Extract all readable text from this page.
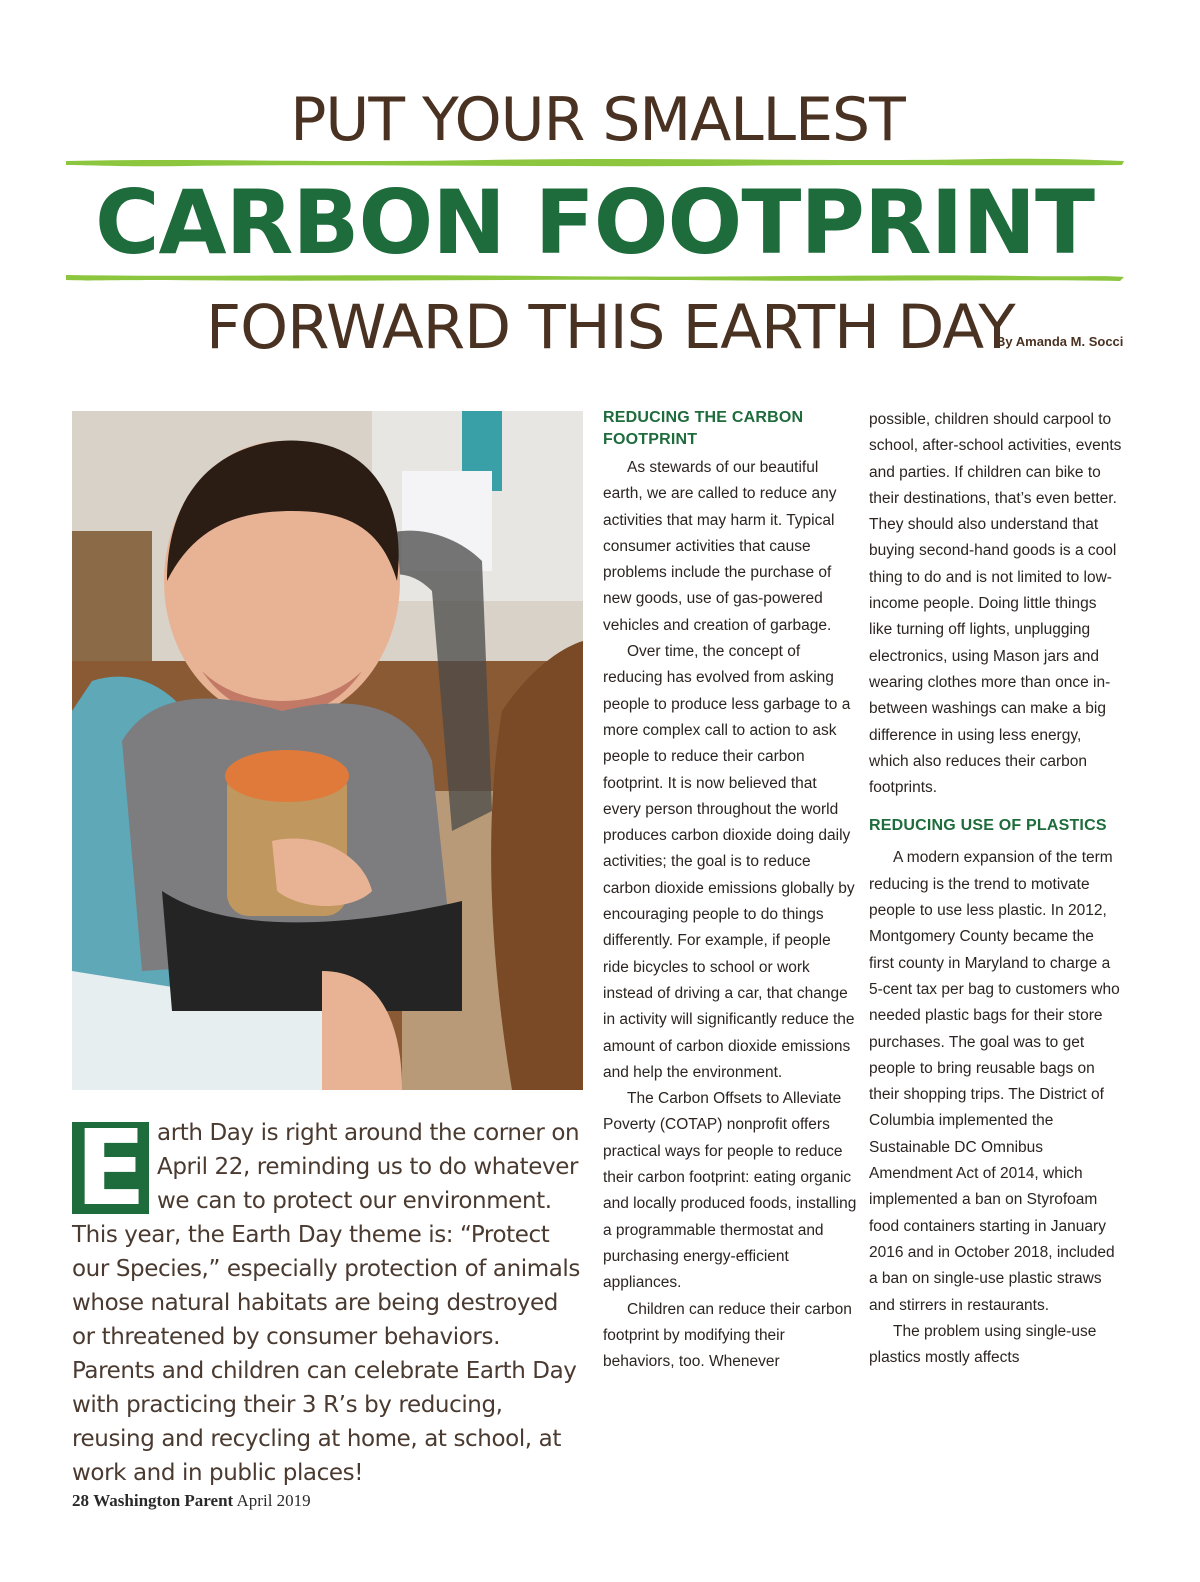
PUT YOUR SMALLEST
CARBON FOOTPRINT
FORWARD THIS EARTH DAY
By Amanda M. Socci
E arth Day is right around the corner on April 22, reminding us to do whatever we can to protect our environment. This year, the Earth Day theme is: “Protect our Species,” especially protection of animals whose natural habitats are being destroyed or threatened by consumer behaviors. Parents and children can celebrate Earth Day with practicing their 3 R’s by reducing, reusing and recycling at home, at school, at work and in public places!
REDUCING THE CARBON FOOTPRINT

As stewards of our beautiful earth, we are called to reduce any activities that may harm it. Typical consumer activities that cause problems include the purchase of new goods, use of gas-powered vehicles and creation of garbage.

Over time, the concept of reducing has evolved from asking people to produce less garbage to a more complex call to action to ask people to reduce their carbon footprint. It is now believed that every person throughout the world produces carbon dioxide doing daily activities; the goal is to reduce carbon dioxide emissions globally by encouraging people to do things differently. For example, if people ride bicycles to school or work instead of driving a car, that change in activity will significantly reduce the amount of carbon dioxide emissions and help the environment.

The Carbon Offsets to Alleviate Poverty (COTAP) nonprofit offers practical ways for people to reduce their carbon footprint: eating organic and locally produced foods, installing a programmable thermostat and purchasing energy-efficient appliances.

Children can reduce their carbon footprint by modifying their behaviors, too. Whenever

possible, children should carpool to school, after-school activities, events and parties. If children can bike to their destinations, that’s even better. They should also understand that buying second-hand goods is a cool thing to do and is not limited to low-income people. Doing little things like turning off lights, unplugging electronics, using Mason jars and wearing clothes more than once in-between washings can make a big difference in using less energy, which also reduces their carbon footprints.

REDUCING USE OF PLASTICS

A modern expansion of the term reducing is the trend to motivate people to use less plastic. In 2012, Montgomery County became the first county in Maryland to charge a 5-cent tax per bag to customers who needed plastic bags for their store purchases. The goal was to get people to bring reusable bags on their shopping trips. The District of Columbia implemented the Sustainable DC Omnibus Amendment Act of 2014, which implemented a ban on Styrofoam food containers starting in January 2016 and in October 2018, included a ban on single-use plastic straws and stirrers in restaurants.

The problem using single-use plastics mostly affects

28 Washington Parent April 2019
